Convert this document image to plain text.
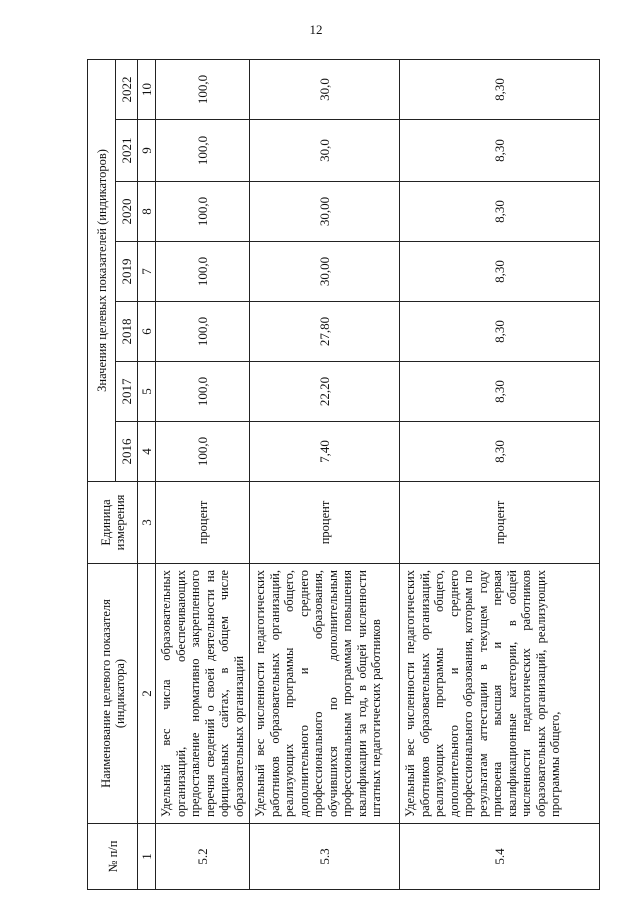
12
№ п/п	Наименование целевого показателя (индикатора)	Единица измерения	Значения целевых показателей (индикаторов)						
			2016	2017	2018	2019	2020	2021	2022
1	2	3	4	5	6	7	8	9	10
5.2	Удельный вес числа образовательных организаций, обеспечивающих предоставление нормативно закрепленного перечня сведений о своей деятельности на официальных сайтах, в общем числе образовательных организаций	процент	100,0	100,0	100,0	100,0	100,0	100,0	100,0
5.3	Удельный вес численности педагогических работников образовательных организаций, реализующих программы общего, дополнительного и среднего профессионального образования, обучившихся по дополнительным профессиональным программам повышения квалификации за год, в общей численности штатных педагогических работников	процент	7,40	22,20	27,80	30,00	30,00	30,0	30,0
5.4	Удельный вес численности педагогических работников образовательных организаций, реализующих программы общего, дополнительного и среднего профессионального образования, которым по результатам аттестации в текущем году присвоена высшая и первая квалификационные категории, в общей численности педагогических работников образовательных организаций, реализующих программы общего,	процент	8,30	8,30	8,30	8,30	8,30	8,30	8,30
